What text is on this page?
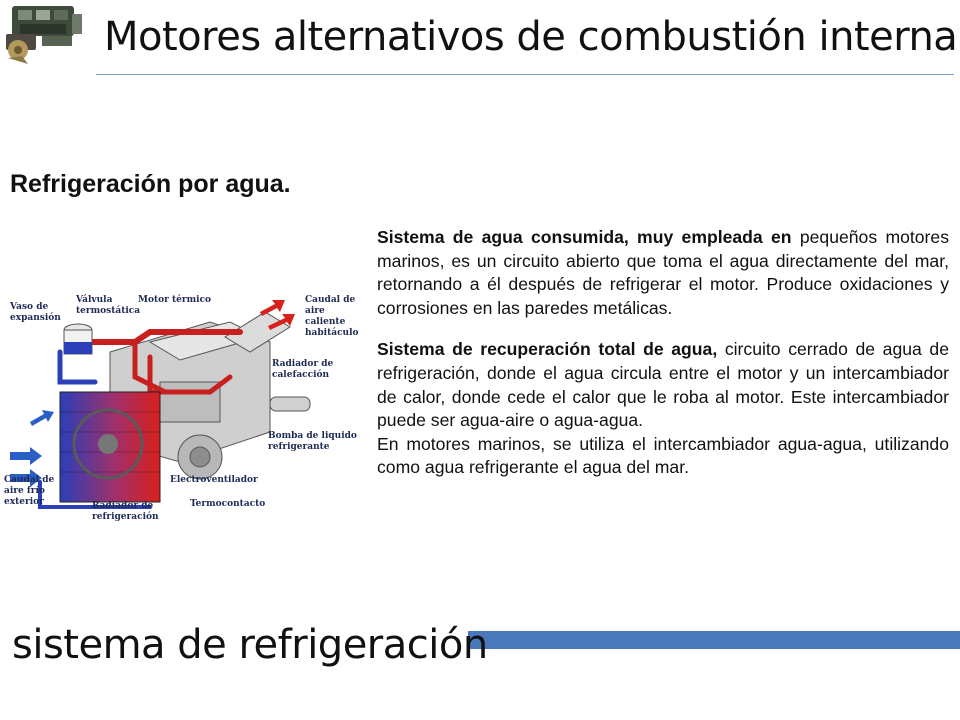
Motores alternativos de combustión interna
Refrigeración por agua.
Vaso de
expansión
Válvula
termostática
Motor térmico	Caudal de
aire
caliente
habitáculo
Radiador de
calefacción
Bomba de liquido
refrigerante
Electroventilador
Termocontacto
Radiador de
refrigeración
Caudal de
aire frío
exterior

Sistema de agua consumida, muy empleada en pequeños motores marinos, es un circuito abierto que toma el agua directamente del mar, retornando a él después de refrigerar el motor. Produce oxidaciones y corrosiones en las paredes metálicas.

Sistema de recuperación total de agua, circuito cerrado de agua de refrigeración, donde el agua circula entre el motor y un intercambiador de calor, donde cede el calor que le roba al motor. Este intercambiador puede ser agua-aire o agua-agua.

En motores marinos, se utiliza el intercambiador agua-agua, utilizando como agua refrigerante el agua del mar.

sistema de refrigeración
